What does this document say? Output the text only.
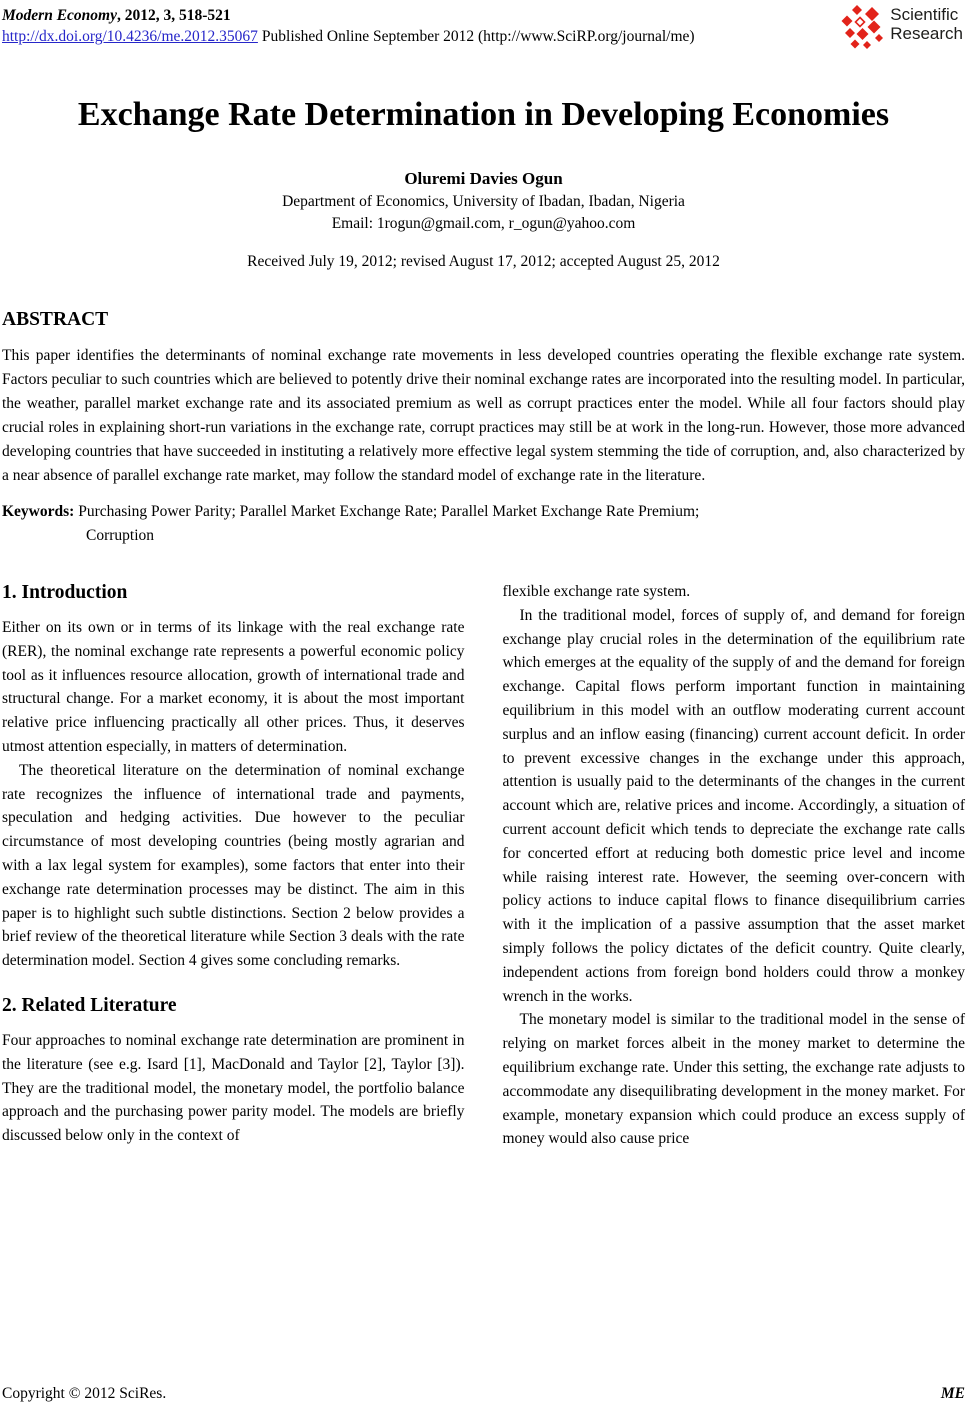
Modern Economy, 2012, 3, 518-521
http://dx.doi.org/10.4236/me.2012.35067 Published Online September 2012 (http://www.SciRP.org/journal/me)
Scientific
Research
Exchange Rate Determination in Developing Economies
Oluremi Davies Ogun
Department of Economics, University of Ibadan, Ibadan, Nigeria
Email: 1rogun@gmail.com, r_ogun@yahoo.com
Received July 19, 2012; revised August 17, 2012; accepted August 25, 2012
ABSTRACT

This paper identifies the determinants of nominal exchange rate movements in less developed countries operating the flexible exchange rate system. Factors peculiar to such countries which are believed to potently drive their nominal exchange rates are incorporated into the resulting model. In particular, the weather, parallel market exchange rate and its associated premium as well as corrupt practices enter the model. While all four factors should play crucial roles in explaining short-run variations in the exchange rate, corrupt practices may still be at work in the long-run. However, those more advanced developing countries that have succeeded in instituting a relatively more effective legal system stemming the tide of corruption, and, also characterized by a near absence of parallel exchange rate market, may follow the standard model of exchange rate in the literature.

Keywords: Purchasing Power Parity; Parallel Market Exchange Rate; Parallel Market Exchange Rate Premium;
Corruption

1. Introduction

Either on its own or in terms of its linkage with the real exchange rate (RER), the nominal exchange rate represents a powerful economic policy tool as it influences resource allocation, growth of international trade and structural change. For a market economy, it is about the most important relative price influencing practically all other prices. Thus, it deserves utmost attention especially, in matters of determination.

The theoretical literature on the determination of nominal exchange rate recognizes the influence of international trade and payments, speculation and hedging activities. Due however to the peculiar circumstance of most developing countries (being mostly agrarian and with a lax legal system for examples), some factors that enter into their exchange rate determination processes may be distinct. The aim in this paper is to highlight such subtle distinctions. Section 2 below provides a brief review of the theoretical literature while Section 3 deals with the rate determination model. Section 4 gives some concluding remarks.

2. Related Literature

Four approaches to nominal exchange rate determination are prominent in the literature (see e.g. Isard [1], MacDonald and Taylor [2], Taylor [3]). They are the traditional model, the monetary model, the portfolio balance approach and the purchasing power parity model. The models are briefly discussed below only in the context of

flexible exchange rate system.

In the traditional model, forces of supply of, and demand for foreign exchange play crucial roles in the determination of the equilibrium rate which emerges at the equality of the supply of and the demand for foreign exchange. Capital flows perform important function in maintaining equilibrium in this model with an outflow moderating current account surplus and an inflow easing (financing) current account deficit. In order to prevent excessive changes in the exchange under this approach, attention is usually paid to the determinants of the changes in the current account which are, relative prices and income. Accordingly, a situation of current account deficit which tends to depreciate the exchange rate calls for concerted effort at reducing both domestic price level and income while raising interest rate. However, the seeming over-concern with policy actions to induce capital flows to finance disequilibrium carries with it the implication of a passive assumption that the asset market simply follows the policy dictates of the deficit country. Quite clearly, independent actions from foreign bond holders could throw a monkey wrench in the works.

The monetary model is similar to the traditional model in the sense of relying on market forces albeit in the money market to determine the equilibrium exchange rate. Under this setting, the exchange rate adjusts to accommodate any disequilibrating development in the money market. For example, monetary expansion which could produce an excess supply of money would also cause price

Copyright © 2012 SciRes.	ME
